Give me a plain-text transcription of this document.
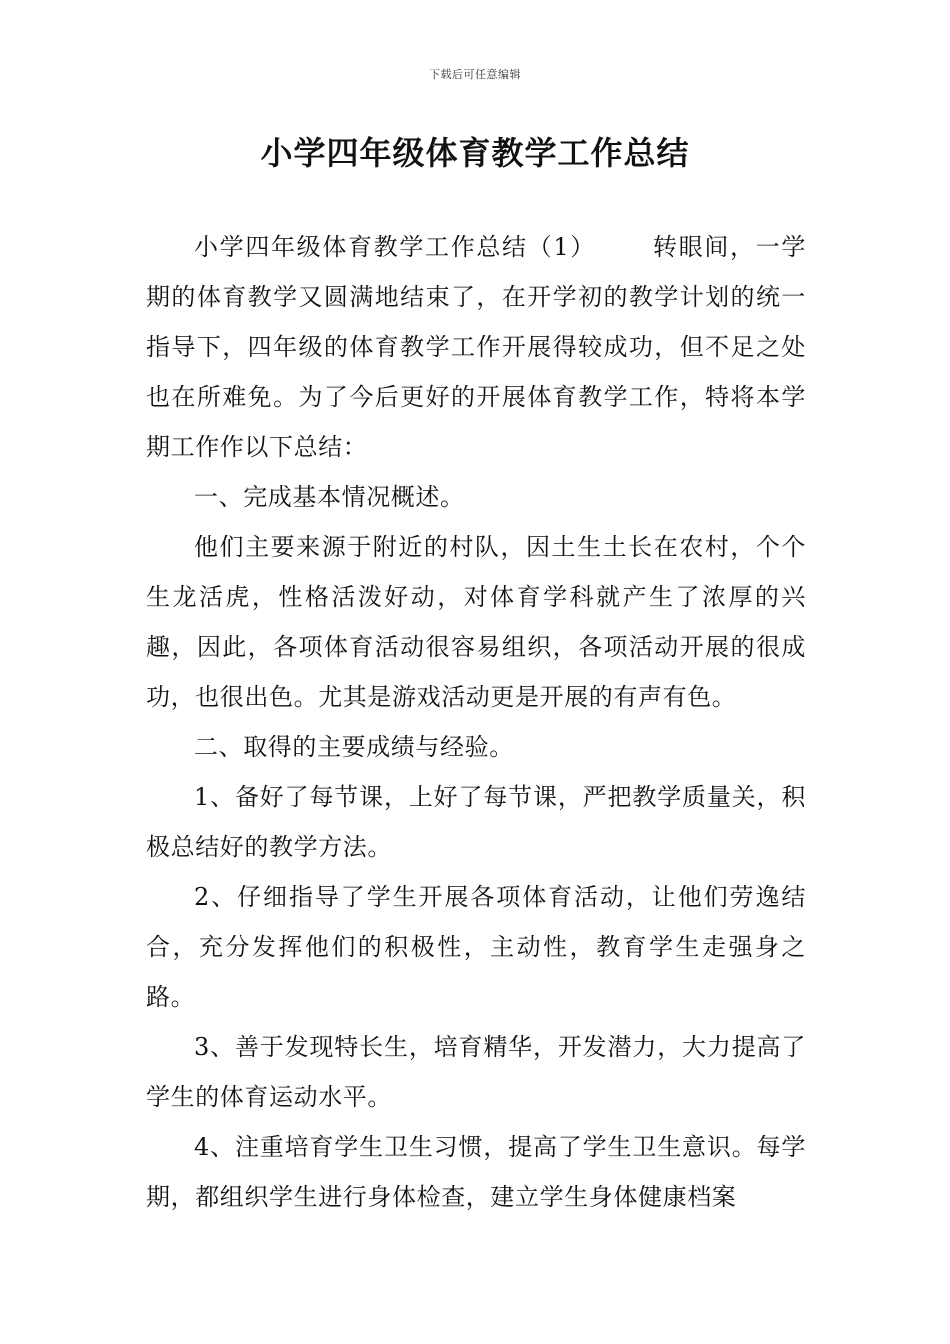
下载后可任意编辑
小学四年级体育教学工作总结

小学四年级体育教学工作总结（1） 转眼间，一学期的体育教学又圆满地结束了，在开学初的教学计划的统一指导下，四年级的体育教学工作开展得较成功，但不足之处也在所难免。为了今后更好的开展体育教学工作，特将本学期工作作以下总结：

一、完成基本情况概述。

他们主要来源于附近的村队，因土生土长在农村，个个生龙活虎，性格活泼好动，对体育学科就产生了浓厚的兴趣，因此，各项体育活动很容易组织，各项活动开展的很成功，也很出色。尤其是游戏活动更是开展的有声有色。

二、取得的主要成绩与经验。

1、备好了每节课，上好了每节课，严把教学质量关，积极总结好的教学方法。

2、仔细指导了学生开展各项体育活动，让他们劳逸结合，充分发挥他们的积极性，主动性，教育学生走强身之路。

3、善于发现特长生，培育精华，开发潜力，大力提高了学生的体育运动水平。

4、注重培育学生卫生习惯，提高了学生卫生意识。每学期，都组织学生进行身体检查，建立学生身体健康档案
